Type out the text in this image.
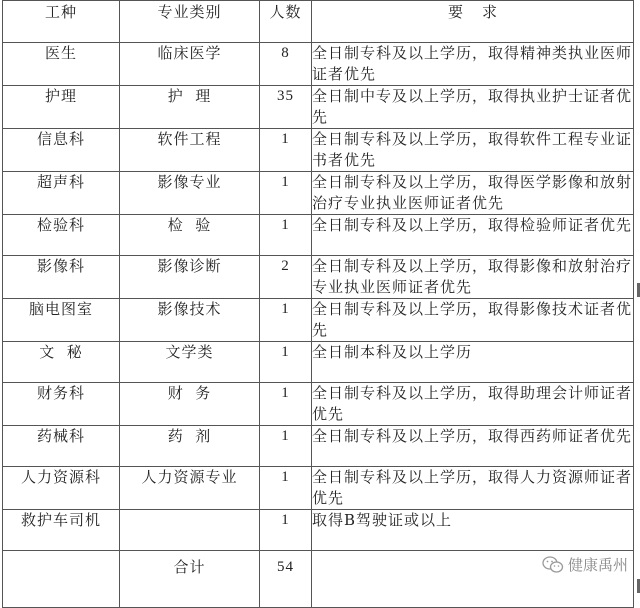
工种	专业类别	人数	要    求
医生	临床医学	8	全日制专科及以上学历，取得精神类执业医师证者优先
护理	护  理	35	全日制中专及以上学历，取得执业护士证者优先
信息科	软件工程	1	全日制专科及以上学历，取得软件工程专业证书者优先
超声科	影像专业	1	全日制专科及以上学历，取得医学影像和放射治疗专业执业医师证者优先
检验科	检  验	1	全日制专科及以上学历，取得检验师证者优先
影像科	影像诊断	2	全日制专科及以上学历，取得影像和放射治疗专业执业医师证者优先
脑电图室	影像技术	1	全日制专科及以上学历，取得影像技术证者优先
文  秘	文学类	1	全日制本科及以上学历
财务科	财  务	1	全日制专科及以上学历，取得助理会计师证者优先
药械科	药  剂	1	全日制专科及以上学历，取得西药师证者优先
人力资源科	人力资源专业	1	全日制专科及以上学历，取得人力资源师证者优先
救护车司机		1	取得B驾驶证或以上
	合计	54		健康禹州
